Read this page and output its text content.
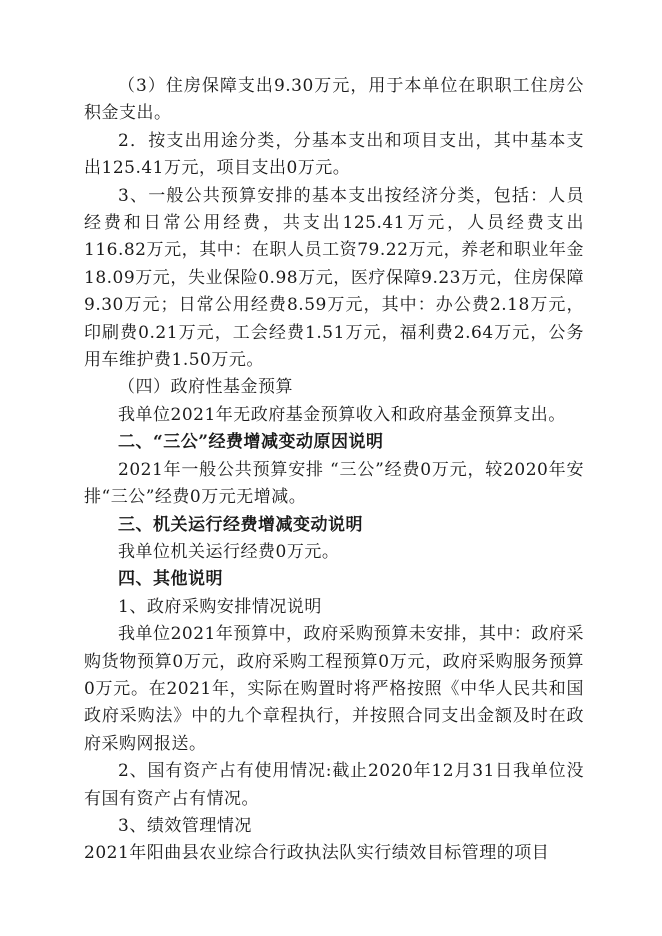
（3）住房保障支出9.30万元，用于本单位在职职工住房公积金支出。

2．按支出用途分类，分基本支出和项目支出，其中基本支出125.41万元，项目支出0万元。

3、一般公共预算安排的基本支出按经济分类，包括：人员经费和日常公用经费，共支出125.41万元，人员经费支出116.82万元，其中：在职人员工资79.22万元，养老和职业年金18.09万元，失业保险0.98万元，医疗保障9.23万元，住房保障9.30万元；日常公用经费8.59万元，其中：办公费2.18万元，印刷费0.21万元，工会经费1.51万元，福利费2.64万元，公务用车维护费1.50万元。

（四）政府性基金预算

我单位2021年无政府基金预算收入和政府基金预算支出。

二、“三公”经费增减变动原因说明

2021年一般公共预算安排 “三公”经费0万元，较2020年安排“三公”经费0万元无增减。

三、机关运行经费增减变动说明

我单位机关运行经费0万元。

四、其他说明

1、政府采购安排情况说明

我单位2021年预算中，政府采购预算未安排，其中：政府采购货物预算0万元，政府采购工程预算0万元，政府采购服务预算0万元。在2021年，实际在购置时将严格按照《中华人民共和国政府采购法》中的九个章程执行，并按照合同支出金额及时在政府采购网报送。

2、国有资产占有使用情况:截止2020年12月31日我单位没有国有资产占有情况。

3、绩效管理情况

2021年阳曲县农业综合行政执法队实行绩效目标管理的项目
